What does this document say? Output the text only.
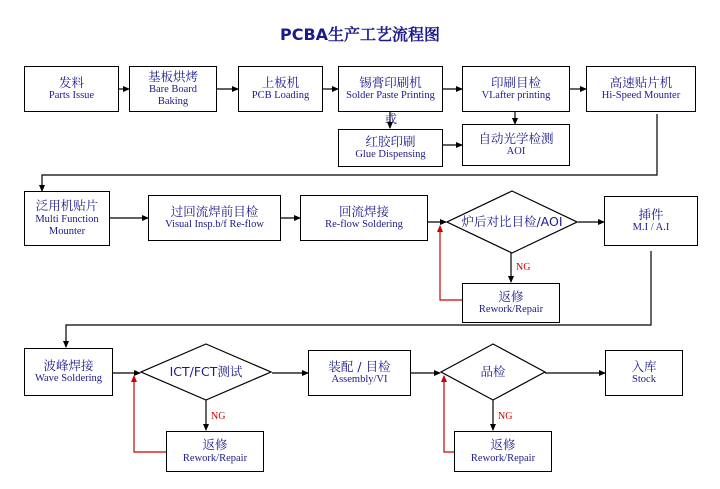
PCBA生产工艺流程图
发料
Parts Issue
基板烘烤
Bare Board Baking
上板机
PCB Loading
锡膏印刷机
Solder Paste Printing
印刷目检
VI.after printing
高速贴片机
Hi-Speed Mounter
或
红胶印刷
Glue Dispensing
自动光学检测
AOI
泛用机贴片
Multi Function
Mounter
过回流焊前目检
Visual Insp.b/f Re-flow
回流焊接
Re-flow Soldering	炉后对比目检/AOI	揷件
M.I / A.I
NG
返修
Rework/Repair
波峰焊接
Wave Soldering	ICT/FCT测试	装配 / 目检
Assembly/VI
品检	入库
Stock
NG	NG
返修
Rework/Repair
返修
Rework/Repair
